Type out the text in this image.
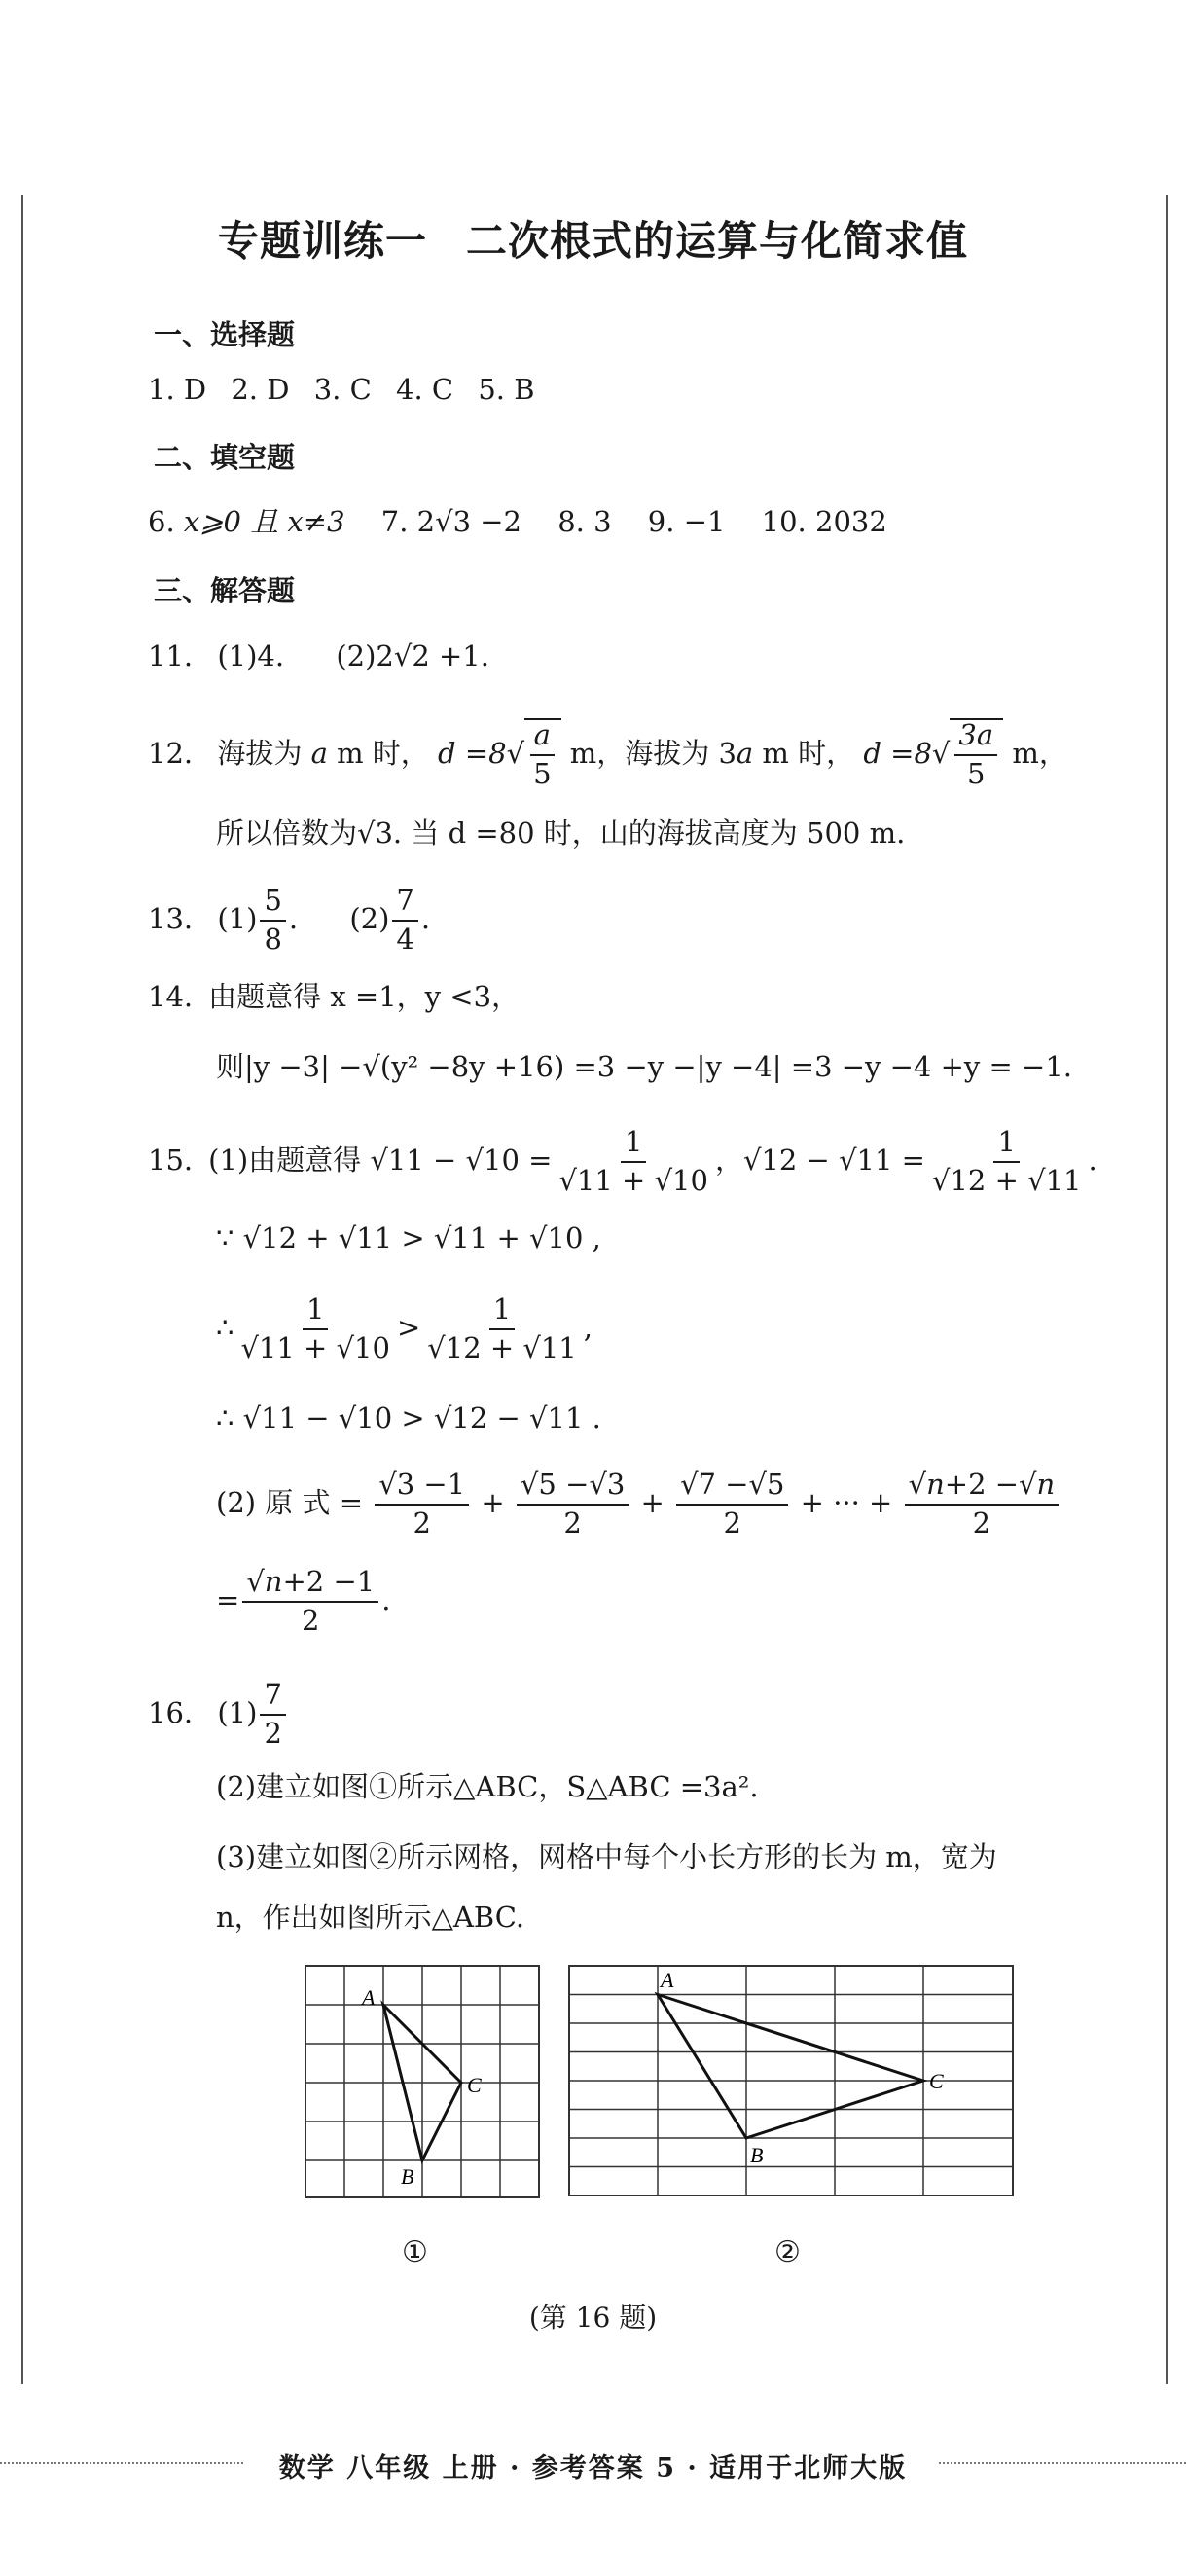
专题训练一 二次根式的运算与化简求值
一、选择题
1. D 2. D 3. C 4. C 5. B
二、填空题
6. x⩾0 且 x≠3 7. 2√3 −2 8. 3 9. −1 10. 2032
三、解答题
11. (1)4. (2)2√2 +1.
12. 海拔为 a m 时， $d =8√ \frac{a}{5}$ m，海拔为 3a m 时， $d =8√ \frac{3a}{5}$ m，
所以倍数为√3. 当 d =80 时，山的海拔高度为 500 m.
13. $(1) \frac{5}{8}$ . $(2) \frac{7}{4}$ .
14. 由题意得 x =1，y <3，
则|y −3| −√(y² −8y +16) =3 −y −|y −4| =3 −y −4 +y = −1.
15. (1)由题意得 $√11 - √10 = \frac{1}{√11 + √10}$ ，$√12 - √11 = \frac{1}{√12 + √11}$ .
∵ √12 + √11 > √11 + √10 ,
∴ $\frac{1}{√11 + √10} > \frac{1}{√12 + √11}$ ,
∴ √11 − √10 > √12 − √11 .
(2) 原 式 = $\frac{√3 -1}{2} + \frac{√5 -√3}{2} + \frac{√7 -√5}{2}$ + ··· + $\frac{√n+2 -√n}{2}$
= $\frac{√n+2 -1}{2}$ .
16. $(1) \frac{7}{2}$
(2)建立如图①所示△ABC，S△ABC =3a².
(3)建立如图②所示网格，网格中每个小长方形的长为 m，宽为
n，作出如图所示△ABC.
A
C
B
A
C
B
①	②
(第 16 题)
数学 八年级 上册 · 参考答案 5 · 适用于北师大版
